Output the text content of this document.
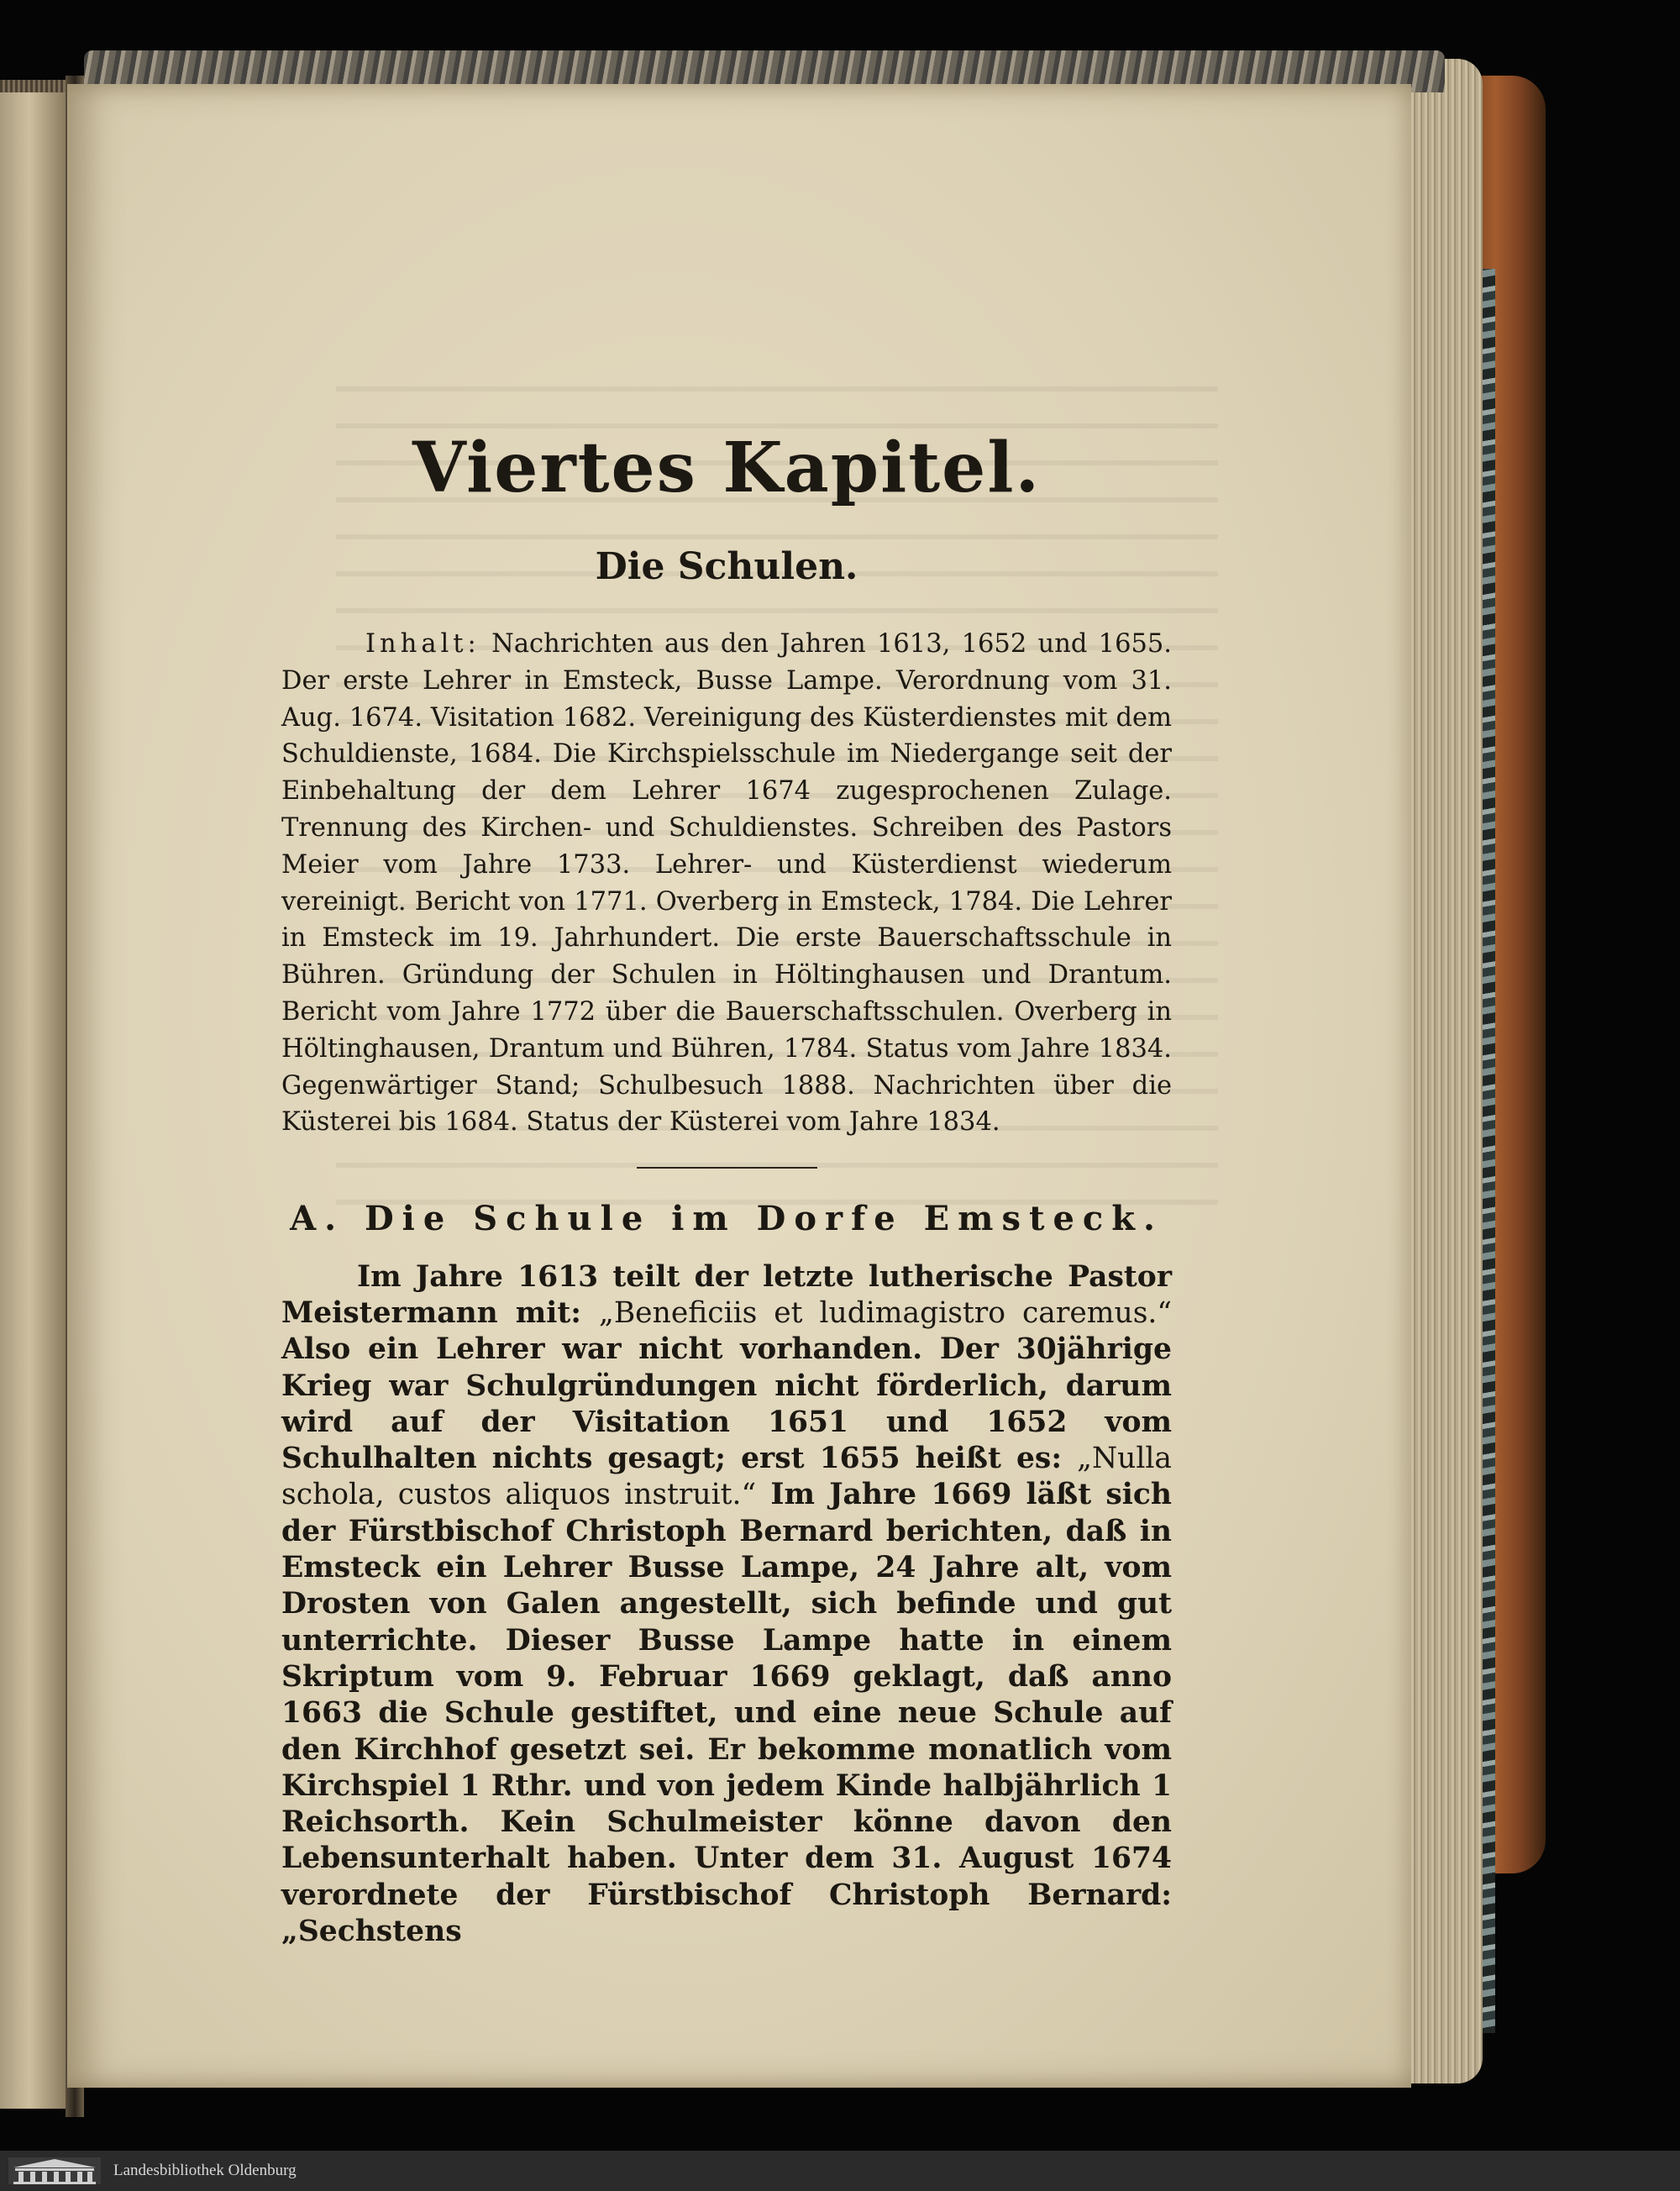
Viertes Kapitel.
Die Schulen.

Inhalt: Nachrichten aus den Jahren 1613, 1652 und 1655. Der erste Lehrer in Emsteck, Busse Lampe. Verordnung vom 31. Aug. 1674. Visitation 1682. Vereinigung des Küsterdienstes mit dem Schuldienste, 1684. Die Kirchspielsschule im Niedergange seit der Einbehaltung der dem Lehrer 1674 zugesprochenen Zulage. Trennung des Kirchen- und Schuldienstes. Schreiben des Pastors Meier vom Jahre 1733. Lehrer- und Küsterdienst wiederum vereinigt. Bericht von 1771. Overberg in Emsteck, 1784. Die Lehrer in Emsteck im 19. Jahrhundert. Die erste Bauerschaftsschule in Bühren. Gründung der Schulen in Höltinghausen und Drantum. Bericht vom Jahre 1772 über die Bauerschaftsschulen. Overberg in Höltinghausen, Drantum und Bühren, 1784. Status vom Jahre 1834. Gegenwärtiger Stand; Schulbesuch 1888. Nachrichten über die Küsterei bis 1684. Status der Küsterei vom Jahre 1834.

A. Die Schule im Dorfe Emsteck.

Im Jahre 1613 teilt der letzte lutherische Pastor Meistermann mit: „Beneficiis et ludimagistro caremus.“ Also ein Lehrer war nicht vorhanden. Der 30jährige Krieg war Schulgründungen nicht förderlich, darum wird auf der Visitation 1651 und 1652 vom Schulhalten nichts gesagt; erst 1655 heißt es: „Nulla schola, custos aliquos instruit.“ Im Jahre 1669 läßt sich der Fürstbischof Christoph Bernard berichten, daß in Emsteck ein Lehrer Busse Lampe, 24 Jahre alt, vom Drosten von Galen angestellt, sich befinde und gut unterrichte. Dieser Busse Lampe hatte in einem Skriptum vom 9. Februar 1669 geklagt, daß anno 1663 die Schule gestiftet, und eine neue Schule auf den Kirchhof gesetzt sei. Er bekomme monatlich vom Kirchspiel 1 Rthr. und von jedem Kinde halbjährlich 1 Reichsorth. Kein Schulmeister könne davon den Lebensunterhalt haben. Unter dem 31. August 1674 verordnete der Fürstbischof Christoph Bernard: „Sechstens

Landesbibliothek Oldenburg
